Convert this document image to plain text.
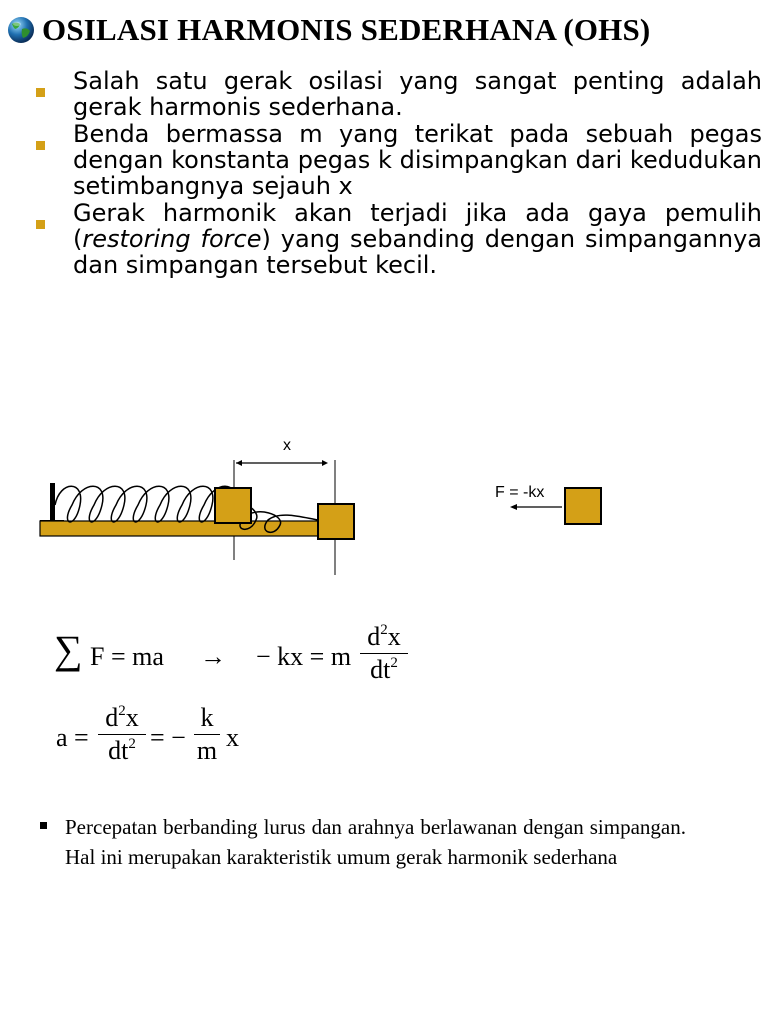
OSILASI HARMONIS SEDERHANA (OHS)
Salah satu gerak osilasi yang sangat penting adalah gerak harmonis sederhana.
Benda bermassa m yang terikat pada sebuah pegas dengan konstanta pegas k disimpangkan dari kedudukan setimbangnya sejauh x
Gerak harmonik akan terjadi jika ada gaya pemulih (restoring force) yang sebanding dengan simpangannya dan simpangan tersebut kecil.
x
F = -kx
∑ F = ma → − kx = m
$d^2x$
$dt^2$
a =
$d^2x$
$dt^2$ = −
k
m x
Percepatan berbanding lurus dan arahnya berlawanan dengan simpangan. Hal ini merupakan karakteristik umum gerak harmonik sederhana
